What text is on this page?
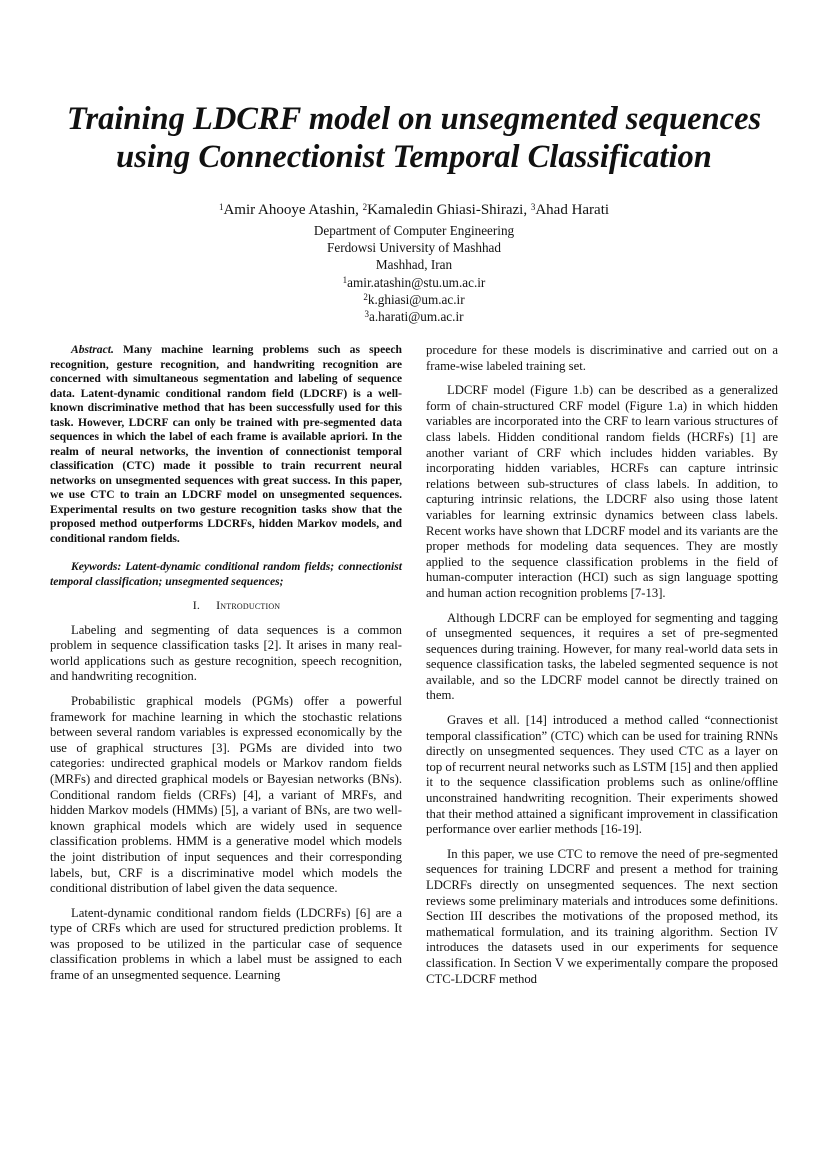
Training LDCRF model on unsegmented sequences
using Connectionist Temporal Classification
$^1$Amir Ahooye Atashin, $^2$Kamaledin Ghiasi-Shirazi, $^3$Ahad Harati
Department of Computer Engineering
Ferdowsi University of Mashhad
Mashhad, Iran
$^1$amir.atashin@stu.um.ac.ir
$^2$k.ghiasi@um.ac.ir
$^3$a.harati@um.ac.ir

Abstract. Many machine learning problems such as speech recognition, gesture recognition, and handwriting recognition are concerned with simultaneous segmentation and labeling of sequence data. Latent-dynamic conditional random field (LDCRF) is a well-known discriminative method that has been successfully used for this task. However, LDCRF can only be trained with pre-segmented data sequences in which the label of each frame is available apriori. In the realm of neural networks, the invention of connectionist temporal classification (CTC) made it possible to train recurrent neural networks on unsegmented sequences with great success. In this paper, we use CTC to train an LDCRF model on unsegmented sequences. Experimental results on two gesture recognition tasks show that the proposed method outperforms LDCRFs, hidden Markov models, and conditional random fields.

Keywords: Latent-dynamic conditional random fields; connectionist temporal classification; unsegmented sequences;

I. Introduction

Labeling and segmenting of data sequences is a common problem in sequence classification tasks [2]. It arises in many real-world applications such as gesture recognition, speech recognition, and handwriting recognition.

Probabilistic graphical models (PGMs) offer a powerful framework for machine learning in which the stochastic relations between several random variables is expressed economically by the use of graphical structures [3]. PGMs are divided into two categories: undirected graphical models or Markov random fields (MRFs) and directed graphical models or Bayesian networks (BNs). Conditional random fields (CRFs) [4], a variant of MRFs, and hidden Markov models (HMMs) [5], a variant of BNs, are two well-known graphical models which are widely used in sequence classification problems. HMM is a generative model which models the joint distribution of input sequences and their corresponding labels, but, CRF is a discriminative model which models the conditional distribution of label given the data sequence.

Latent-dynamic conditional random fields (LDCRFs) [6] are a type of CRFs which are used for structured prediction problems. It was proposed to be utilized in the particular case of sequence classification problems in which a label must be assigned to each frame of an unsegmented sequence. Learning

procedure for these models is discriminative and carried out on a frame-wise labeled training set.

LDCRF model (Figure 1.b) can be described as a generalized form of chain-structured CRF model (Figure 1.a) in which hidden variables are incorporated into the CRF to learn various structures of class labels. Hidden conditional random fields (HCRFs) [1] are another variant of CRF which includes hidden variables. By incorporating hidden variables, HCRFs can capture intrinsic relations between sub-structures of class labels. In addition, to capturing intrinsic relations, the LDCRF also using those latent variables for learning extrinsic dynamics between class labels. Recent works have shown that LDCRF model and its variants are the proper methods for modeling data sequences. They are mostly applied to the sequence classification problems in the field of human-computer interaction (HCI) such as sign language spotting and human action recognition problems [7-13].

Although LDCRF can be employed for segmenting and tagging of unsegmented sequences, it requires a set of pre-segmented sequences during training. However, for many real-world data sets in sequence classification tasks, the labeled segmented sequence is not available, and so the LDCRF model cannot be directly trained on them.

Graves et all. [14] introduced a method called “connectionist temporal classification” (CTC) which can be used for training RNNs directly on unsegmented sequences. They used CTC as a layer on top of recurrent neural networks such as LSTM [15] and then applied it to the sequence classification problems such as online/offline unconstrained handwriting recognition. Their experiments showed that their method attained a significant improvement in classification performance over earlier methods [16-19].

In this paper, we use CTC to remove the need of pre-segmented sequences for training LDCRF and present a method for training LDCRFs directly on unsegmented sequences. The next section reviews some preliminary materials and introduces some definitions. Section III describes the motivations of the proposed method, its mathematical formulation, and its training algorithm. Section IV introduces the datasets used in our experiments for sequence classification. In Section V we experimentally compare the proposed CTC-LDCRF method
